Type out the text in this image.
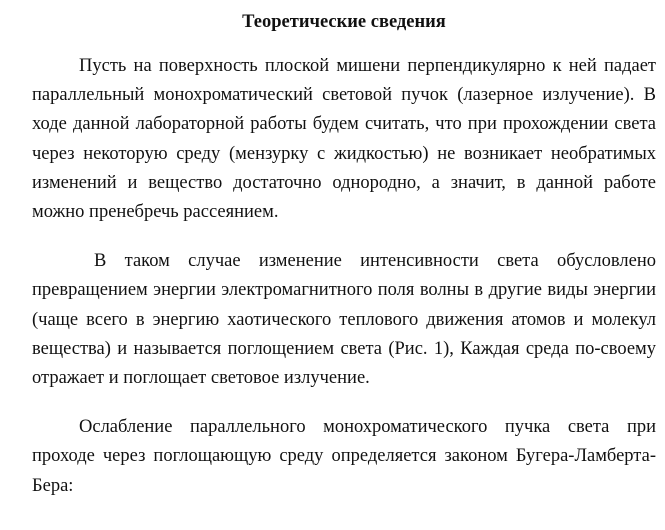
Теоретические сведения

Пусть на поверхность плоской мишени перпендикулярно к ней падает параллельный монохроматический световой пучок (лазерное излучение). В ходе данной лабораторной работы будем считать, что при прохождении света через некоторую среду (мензурку с жидкостью) не возникает необратимых изменений и вещество достаточно однородно, а значит, в данной работе можно пренебречь рассеянием.

В таком случае изменение интенсивности света обусловлено превращением энергии электромагнитного поля волны в другие виды энергии (чаще всего в энергию хаотического теплового движения атомов и молекул вещества) и называется поглощением света (Рис. 1), Каждая среда по-своему отражает и поглощает световое излучение.

Ослабление параллельного монохроматического пучка света при проходе через поглощающую среду определяется законом Бугера-Ламберта-Бера:
